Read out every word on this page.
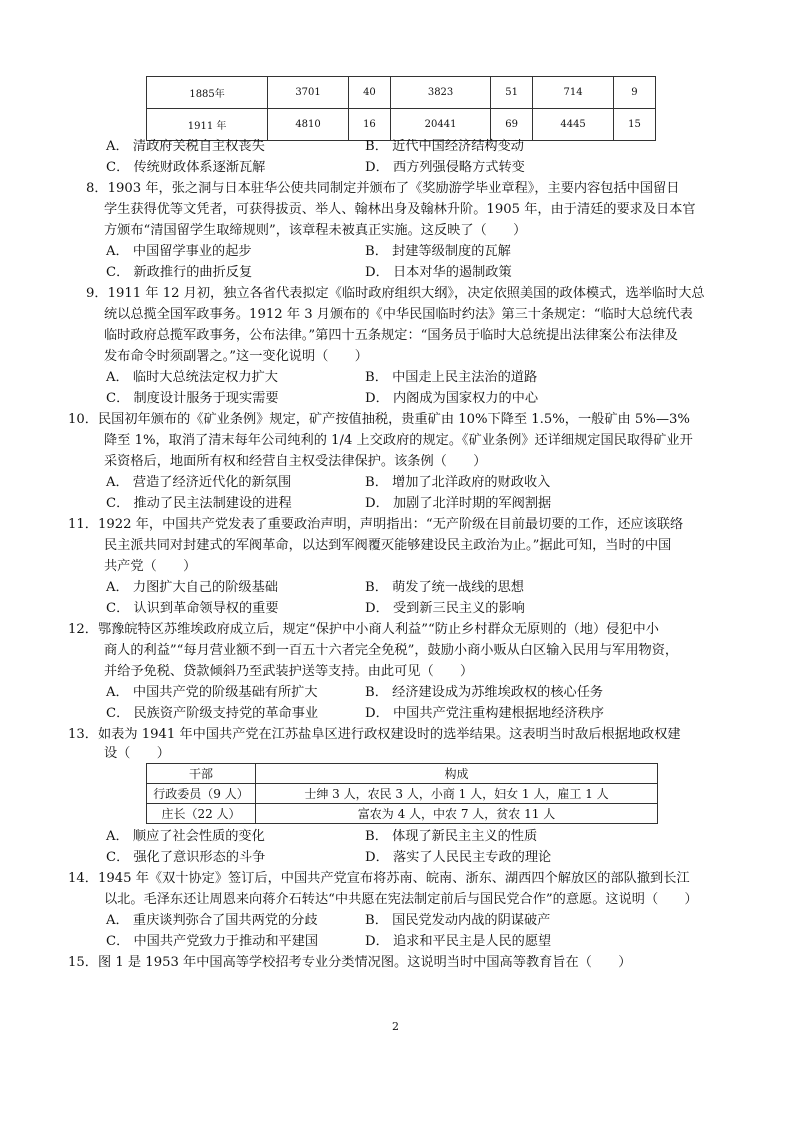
1885年	3701	40	3823	51	714	9
1911 年	4810	16	20441	69	4445	15
A． 清政府关税自主权丧失	B． 近代中国经济结构变动
C． 传统财政体系逐渐瓦解	D． 西方列强侵略方式转变
8．1903 年，张之洞与日本驻华公使共同制定并颁布了《奖励游学毕业章程》，主要内容包括中国留日
学生获得优等文凭者，可获得拔贡、举人、翰林出身及翰林升阶。1905 年，由于清廷的要求及日本官
方颁布“清国留学生取缔规则”，该章程未被真正实施。这反映了（　　）
A． 中国留学事业的起步	B． 封建等级制度的瓦解
C． 新政推行的曲折反复	D． 日本对华的遏制政策
9．1911 年 12 月初，独立各省代表拟定《临时政府组织大纲》，决定依照美国的政体模式，选举临时大总
统以总揽全国军政事务。1912 年 3 月颁布的《中华民国临时约法》第三十条规定：“临时大总统代表
临时政府总揽军政事务，公布法律。”第四十五条规定：“国务员于临时大总统提出法律案公布法律及
发布命令时须副署之。”这一变化说明（　　）
A． 临时大总统法定权力扩大	B． 中国走上民主法治的道路
C． 制度设计服务于现实需要	D． 内阁成为国家权力的中心
10．民国初年颁布的《矿业条例》规定，矿产按值抽税，贵重矿由 10%下降至 1.5%，一般矿由 5%—3%
降至 1%，取消了清末每年公司纯利的 1/4 上交政府的规定。《矿业条例》还详细规定国民取得矿业开
采资格后，地面所有权和经营自主权受法律保护。该条例（　　）
A． 营造了经济近代化的新氛围	B． 增加了北洋政府的财政收入
C． 推动了民主法制建设的进程	D． 加剧了北洋时期的军阀割据
11．1922 年，中国共产党发表了重要政治声明，声明指出：“无产阶级在目前最切要的工作，还应该联络
民主派共同对封建式的军阀革命，以达到军阀覆灭能够建设民主政治为止。”据此可知，当时的中国
共产党（　　）
A． 力图扩大自己的阶级基础	B． 萌发了统一战线的思想
C． 认识到革命领导权的重要	D． 受到新三民主义的影响
12．鄂豫皖特区苏维埃政府成立后，规定“保护中小商人利益”“防止乡村群众无原则的（地）侵犯中小
商人的利益”“每月营业额不到一百五十六者完全免税”，鼓励小商小贩从白区输入民用与军用物资，
并给予免税、贷款倾斜乃至武装护送等支持。由此可见（　　）
A． 中国共产党的阶级基础有所扩大	B． 经济建设成为苏维埃政权的核心任务
C． 民族资产阶级支持党的革命事业	D． 中国共产党注重构建根据地经济秩序
13．如表为 1941 年中国共产党在江苏盐阜区进行政权建设时的选举结果。这表明当时敌后根据地政权建
设（　　）
干部	构成
行政委员（9 人）	士绅 3 人，农民 3 人，小商 1 人，妇女 1 人，雇工 1 人
庄长（22 人）	富农为 4 人，中农 7 人，贫农 11 人
A． 顺应了社会性质的变化	B． 体现了新民主主义的性质
C． 强化了意识形态的斗争	D． 落实了人民民主专政的理论
14．1945 年《双十协定》签订后，中国共产党宣布将苏南、皖南、浙东、湖西四个解放区的部队撤到长江
以北。毛泽东还让周恩来向蒋介石转达“中共愿在宪法制定前后与国民党合作”的意愿。这说明（　　）
A． 重庆谈判弥合了国共两党的分歧	B． 国民党发动内战的阴谋破产
C． 中国共产党致力于推动和平建国	D． 追求和平民主是人民的愿望
15．图 1 是 1953 年中国高等学校招考专业分类情况图。这说明当时中国高等教育旨在（　　）
2
